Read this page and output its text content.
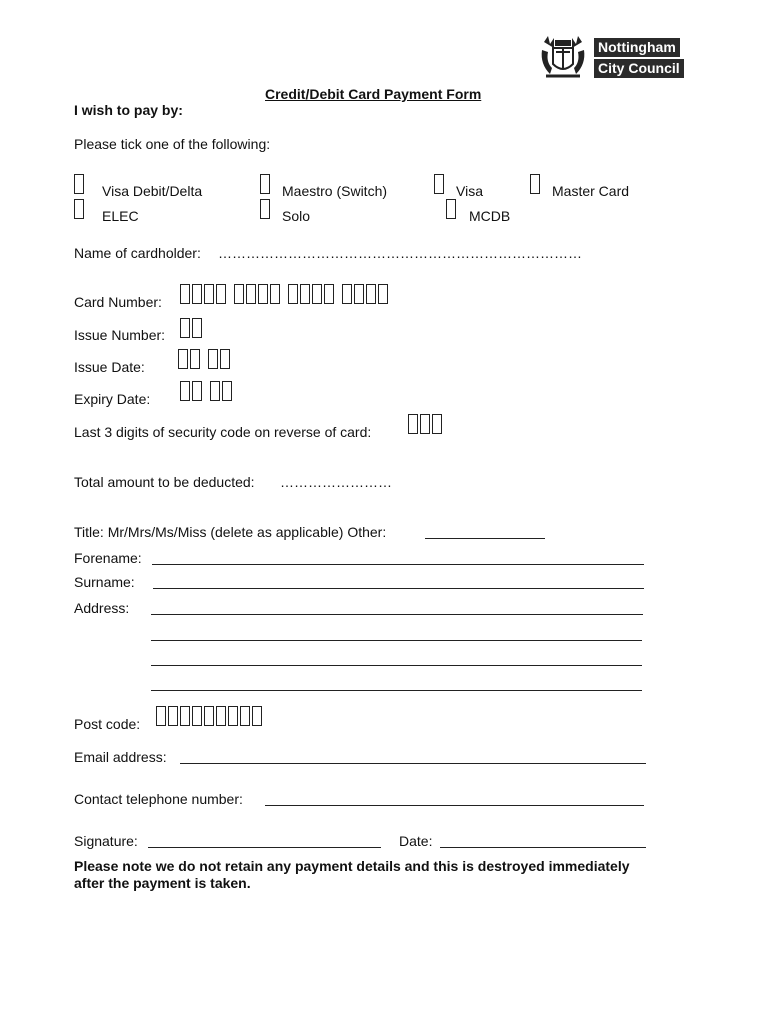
Nottingham
City Council
Credit/Debit Card Payment Form
I wish to pay by:
Please tick one of the following:
Visa Debit/Delta	Maestro (Switch)	Visa	Master Card
ELEC	Solo	MCDB
Name of cardholder: ……………………………………………………………………
Card Number:
Issue Number:
Issue Date:
Expiry Date:
Last 3 digits of security code on reverse of card:
Total amount to be deducted: ……………………
Title: Mr/Mrs/Ms/Miss (delete as applicable) Other:
Forename:
Surname:
Address:
Post code:
Email address:
Contact telephone number:
Signature:	Date:
Please note we do not retain any payment details and this is destroyed immediately
after the payment is taken.
